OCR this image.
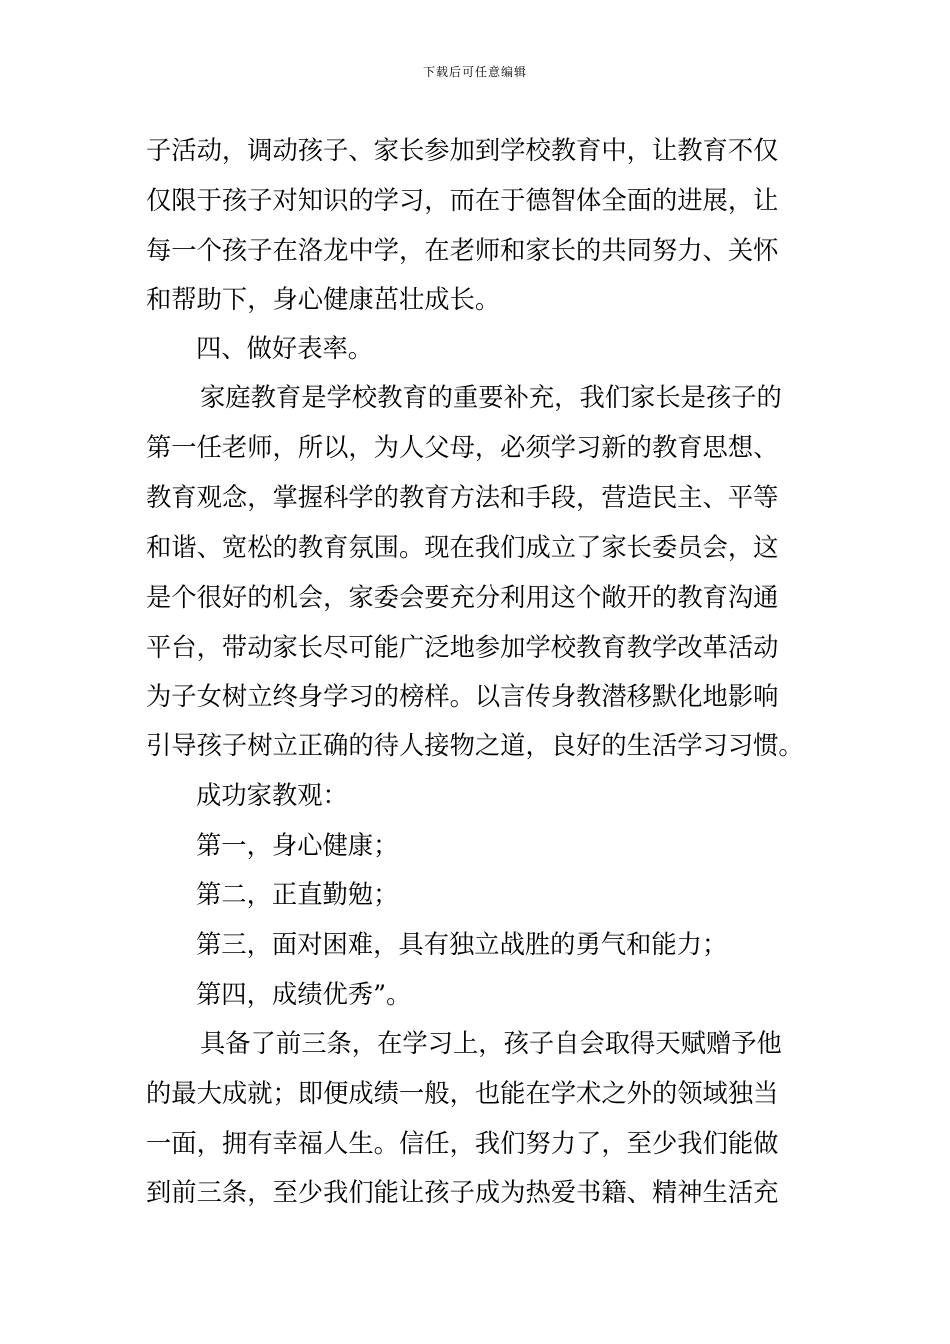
下载后可任意编辑
子活动，调动孩子、家长参加到学校教育中，让教育不仅
仅限于孩子对知识的学习，而在于德智体全面的进展，让
每一个孩子在洛龙中学，在老师和家长的共同努力、关怀
和帮助下，身心健康茁壮成长。
四、做好表率。
家庭教育是学校教育的重要补充，我们家长是孩子的
第一任老师，所以，为人父母，必须学习新的教育思想、
教育观念，掌握科学的教育方法和手段，营造民主、平等
和谐、宽松的教育氛围。现在我们成立了家长委员会，这
是个很好的机会，家委会要充分利用这个敞开的教育沟通
平台，带动家长尽可能广泛地参加学校教育教学改革活动
为子女树立终身学习的榜样。以言传身教潜移默化地影响
引导孩子树立正确的待人接物之道，良好的生活学习习惯。
成功家教观：
第一，身心健康；
第二，正直勤勉；
第三，面对困难，具有独立战胜的勇气和能力；
第四，成绩优秀”。
具备了前三条，在学习上，孩子自会取得天赋赠予他
的最大成就；即便成绩一般，也能在学术之外的领域独当
一面，拥有幸福人生。信任，我们努力了，至少我们能做
到前三条，至少我们能让孩子成为热爱书籍、精神生活充
